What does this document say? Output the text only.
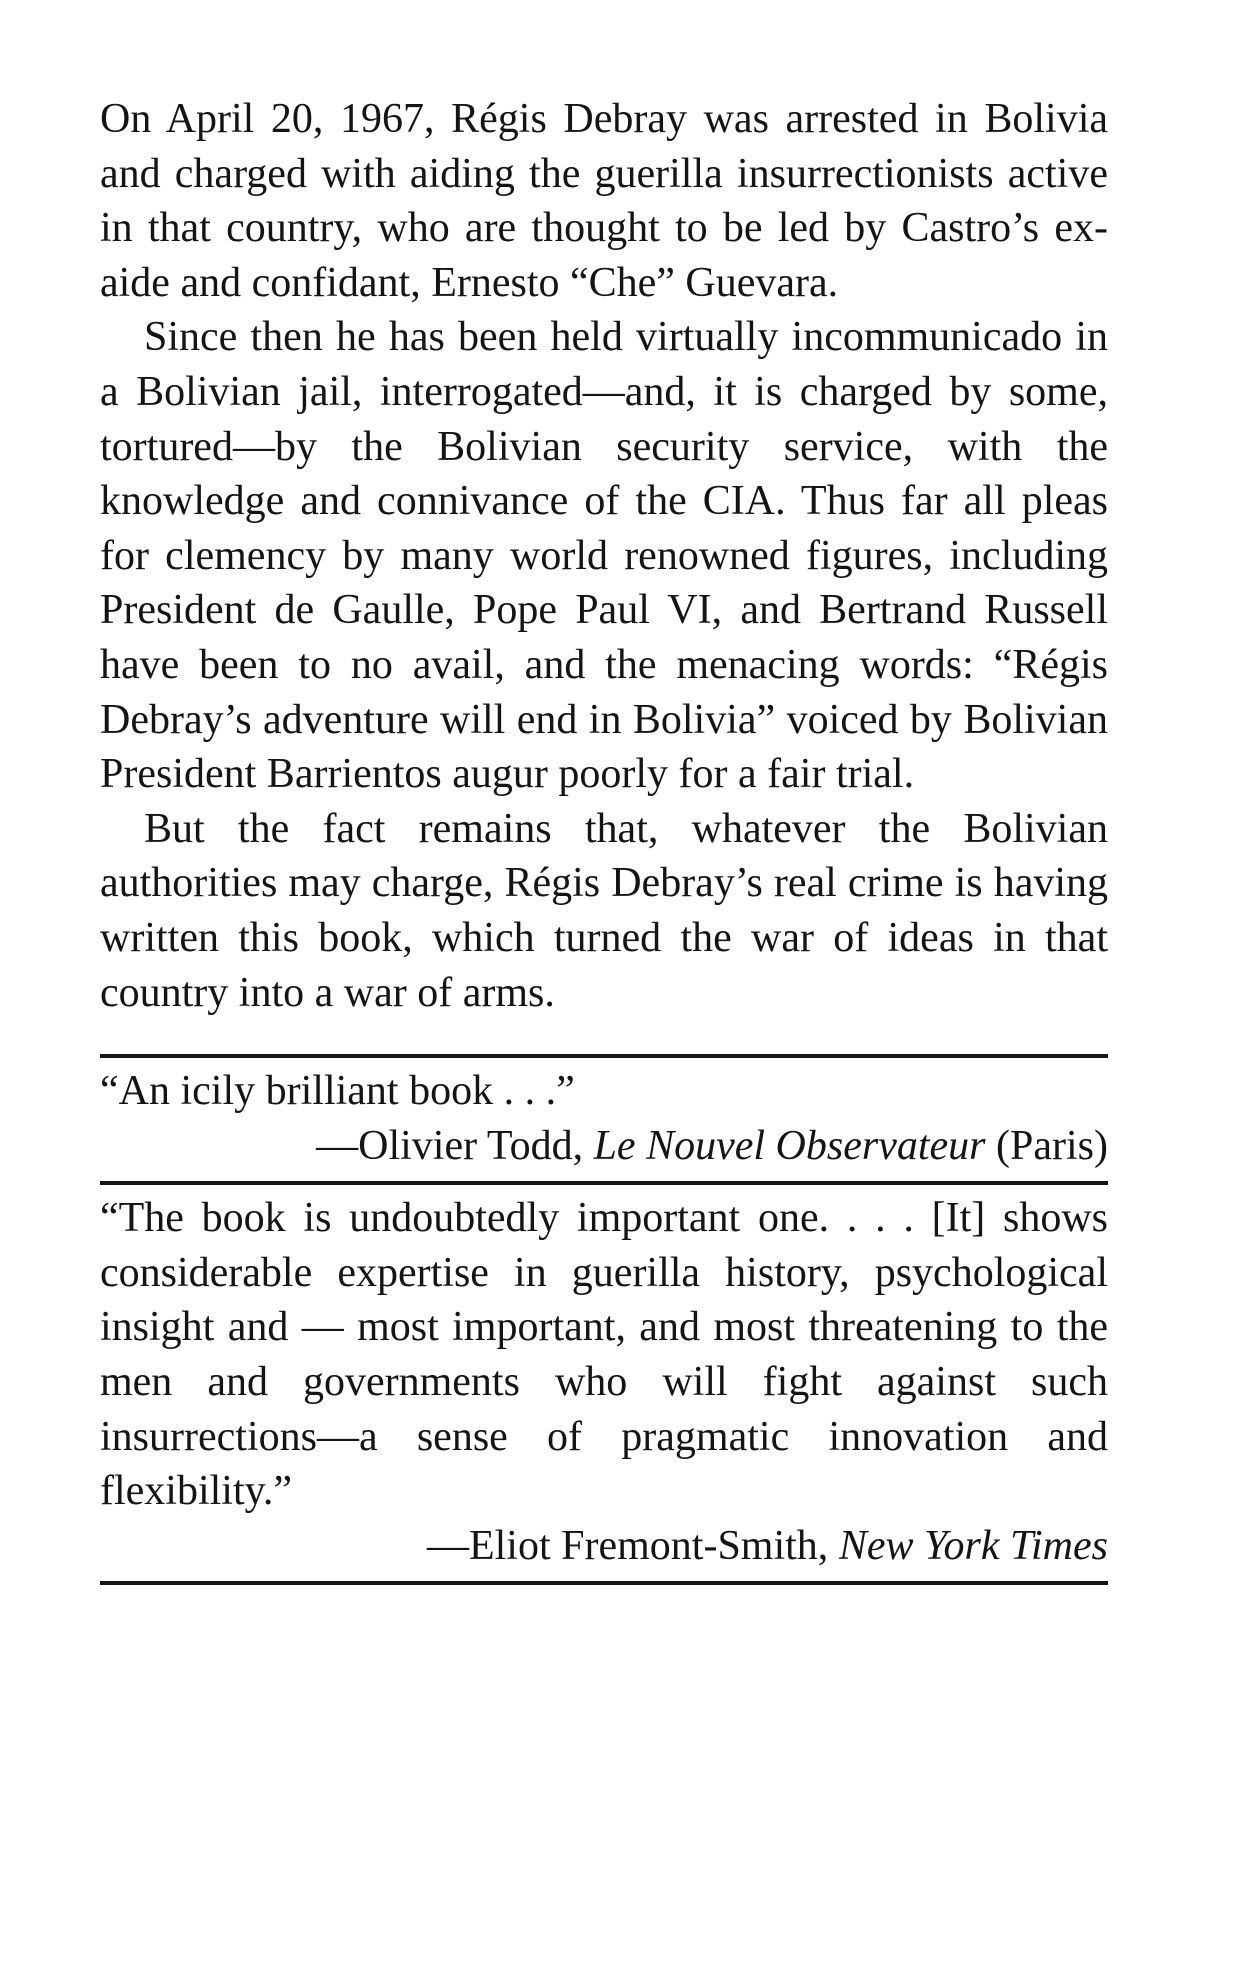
On April 20, 1967, Régis Debray was arrested in Bolivia and charged with aiding the guerilla insurrectionists active in that country, who are thought to be led by Castro’s ex-aide and confidant, Ernesto “Che” Guevara.

Since then he has been held virtually incommunicado in a Bolivian jail, interrogated—and, it is charged by some, tortured—by the Bolivian security service, with the knowledge and connivance of the CIA. Thus far all pleas for clemency by many world renowned figures, including President de Gaulle, Pope Paul VI, and Bertrand Russell have been to no avail, and the menacing words: “Régis Debray’s adventure will end in Bolivia” voiced by Bolivian President Barrientos augur poorly for a fair trial.

But the fact remains that, whatever the Bolivian authorities may charge, Régis Debray’s real crime is having written this book, which turned the war of ideas in that country into a war of arms.

“An icily brilliant book . . .”

—Olivier Todd, Le Nouvel Observateur (Paris)

“The book is undoubtedly important one. . . . [It] shows considerable expertise in guerilla history, psychological insight and — most important, and most threatening to the men and governments who will fight against such insurrections—a sense of pragmatic innovation and flexibility.”

—Eliot Fremont-Smith, New York Times
